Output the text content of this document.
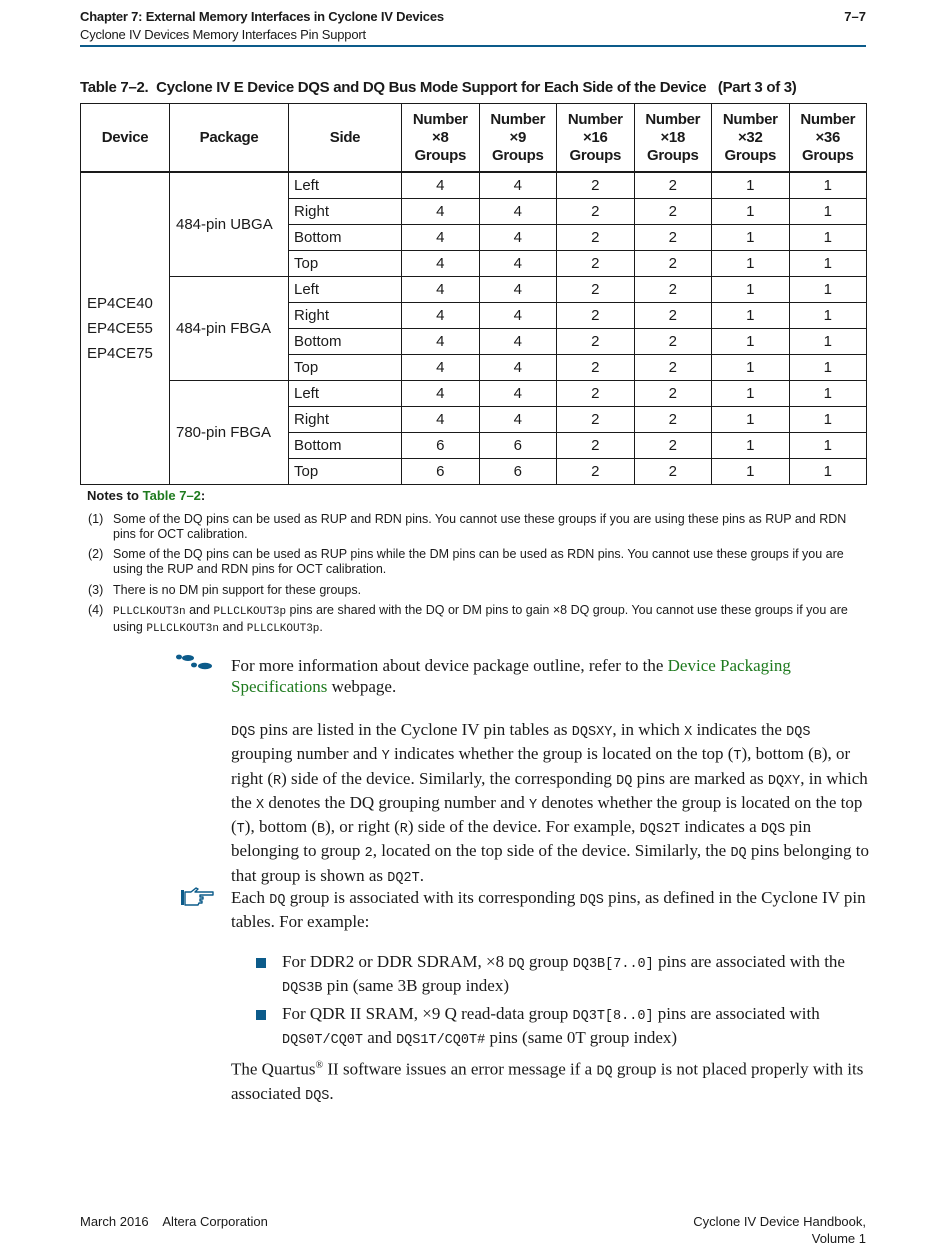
Chapter 7: External Memory Interfaces in Cyclone IV Devices
Cyclone IV Devices Memory Interfaces Pin Support
7–7
Table 7–2.  Cyclone IV E Device DQS and DQ Bus Mode Support for Each Side of the Device   (Part 3 of 3)
Device	Package	Side	Number
×8
Groups	Number
×9
Groups	Number
×16
Groups	Number
×18
Groups	Number
×32
Groups	Number
×36
Groups

EP4CE40
EP4CE55
EP4CE75	484-pin UBGA	Left	4	4	2	2	1	1
		Right	4	4	2	2	1	1
		Bottom	4	4	2	2	1	1
		Top	4	4	2	2	1	1
	484-pin FBGA	Left	4	4	2	2	1	1
		Right	4	4	2	2	1	1
		Bottom	4	4	2	2	1	1
		Top	4	4	2	2	1	1
	780-pin FBGA	Left	4	4	2	2	1	1
		Right	4	4	2	2	1	1
		Bottom	6	6	2	2	1	1
		Top	6	6	2	2	1	1
Notes to Table 7–2:
(1) Some of the DQ pins can be used as RUP and RDN pins. You cannot use these groups if you are using these pins as RUP and RDN pins for OCT calibration.
(2) Some of the DQ pins can be used as RUP pins while the DM pins can be used as RDN pins. You cannot use these groups if you are using the RUP and RDN pins for OCT calibration.
(3) There is no DM pin support for these groups.
(4) PLLCLKOUT3n and PLLCLKOUT3p pins are shared with the DQ or DM pins to gain ×8 DQ group. You cannot use these groups if you are using PLLCLKOUT3n and PLLCLKOUT3p.
For more information about device package outline, refer to the Device Packaging Specifications webpage.
DQS pins are listed in the Cyclone IV pin tables as DQSXY, in which X indicates the DQS grouping number and Y indicates whether the group is located on the top (T), bottom (B), or right (R) side of the device. Similarly, the corresponding DQ pins are marked as DQXY, in which the X denotes the DQ grouping number and Y denotes whether the group is located on the top (T), bottom (B), or right (R) side of the device. For example, DQS2T indicates a DQS pin belonging to group 2, located on the top side of the device. Similarly, the DQ pins belonging to that group is shown as DQ2T.
Each DQ group is associated with its corresponding DQS pins, as defined in the Cyclone IV pin tables. For example:
For DDR2 or DDR SDRAM, ×8 DQ group DQ3B[7..0] pins are associated with the DQS3B pin (same 3B group index)
For QDR II SRAM, ×9 Q read-data group DQ3T[8..0] pins are associated with DQS0T/CQ0T and DQS1T/CQ0T# pins (same 0T group index)
The Quartus® II software issues an error message if a DQ group is not placed properly with its associated DQS.
March 2016    Altera Corporation	Cyclone IV Device Handbook,
Volume 1
